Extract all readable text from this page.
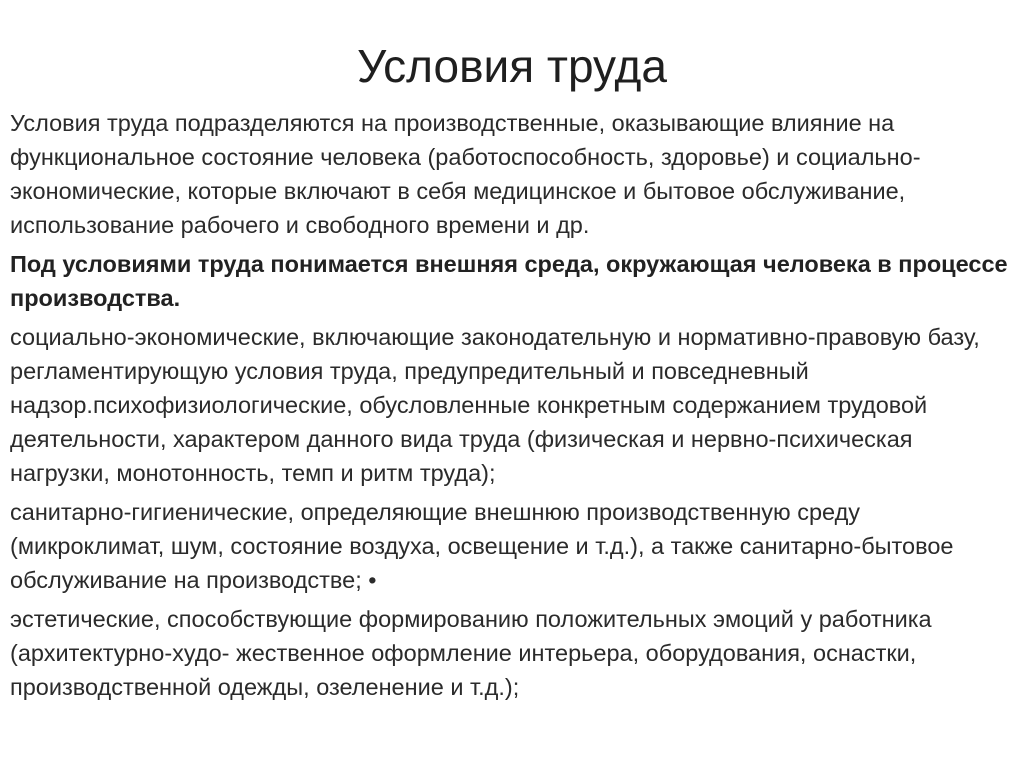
Условия труда

Условия труда подразделяются на производственные, оказывающие влияние на функциональное состояние человека (работоспособность, здоровье) и социально-экономические, которые включают в себя медицинское и бытовое обслуживание, использование рабочего и свободного времени и др.

Под условиями труда понимается внешняя среда, окружающая человека в процессе производства.

социально-экономические, включающие законодательную и нормативно-правовую базу, регламентирующую условия труда, предупредительный и повседневный надзор.психофизиологические, обусловленные конкретным содержанием трудовой деятельности, характером данного вида труда (физическая и нервно-психическая нагрузки, монотонность, темп и ритм труда);

санитарно-гигиенические, определяющие внешнюю производственную среду (микроклимат, шум, состояние воздуха, освещение и т.д.), а также санитарно-бытовое обслуживание на производстве; •

эстетические, способствующие формированию положительных эмоций у работника (архитектурно-худо- жественное оформление интерьера, оборудования, оснастки, производственной одежды, озеленение и т.д.);
